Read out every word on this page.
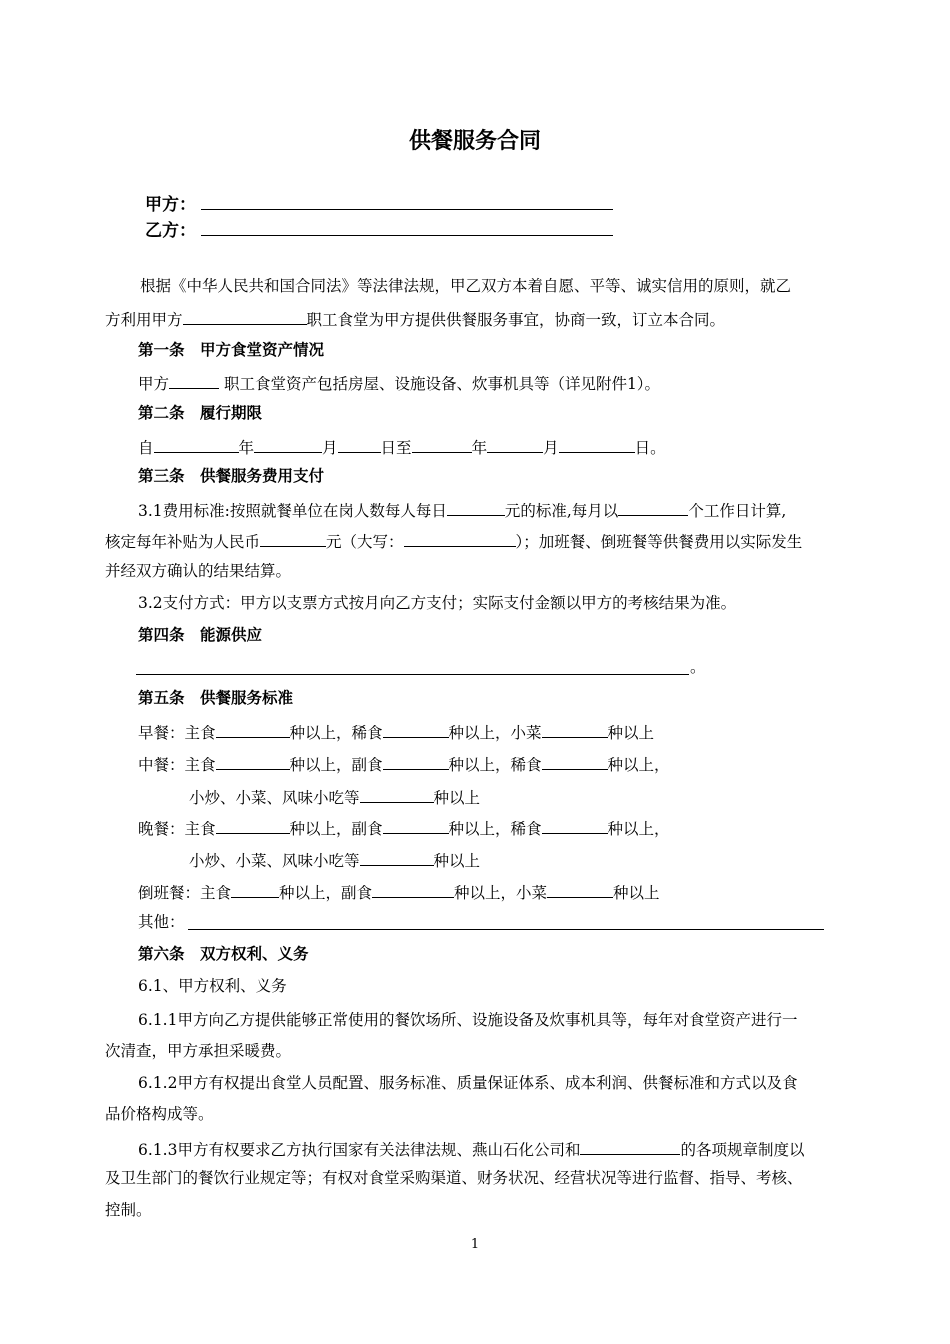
供餐服务合同
甲方：
乙方：
根据《中华人民共和国合同法》等法律法规，甲乙双方本着自愿、平等、诚实信用的原则，就乙
方利用甲方	职工食堂为甲方提供供餐服务事宜，协商一致，订立本合同。
第一条　甲方食堂资产情况
甲方	职工食堂资产包括房屋、设施设备、炊事机具等（详见附件1）。
第二条　履行期限
自	年	月	日至	年	月	日。
第三条　供餐服务费用支付
3.1费用标准:按照就餐单位在岗人数每人每日	元的标准,每月以	个工作日计算,
核定每年补贴为人民币	元（大写：	）；加班餐、倒班餐等供餐费用以实际发生
并经双方确认的结果结算。
3.2支付方式：甲方以支票方式按月向乙方支付；实际支付金额以甲方的考核结果为准。
第四条　能源供应
。
第五条　供餐服务标准
早餐：主食	种以上，稀食	种以上，小菜	种以上
中餐：主食	种以上，副食	种以上，稀食	种以上，
小炒、小菜、风味小吃等	种以上
晚餐：主食	种以上，副食	种以上，稀食	种以上，
小炒、小菜、风味小吃等	种以上
倒班餐：主食	种以上，副食	种以上，小菜	种以上
其他：
第六条　双方权利、义务
6.1、甲方权利、义务
6.1.1甲方向乙方提供能够正常使用的餐饮场所、设施设备及炊事机具等，每年对食堂资产进行一
次清查，甲方承担采暖费。
6.1.2甲方有权提出食堂人员配置、服务标准、质量保证体系、成本利润、供餐标准和方式以及食
品价格构成等。
6.1.3甲方有权要求乙方执行国家有关法律法规、燕山石化公司和	的各项规章制度以
及卫生部门的餐饮行业规定等；有权对食堂采购渠道、财务状况、经营状况等进行监督、指导、考核、
控制。
1
